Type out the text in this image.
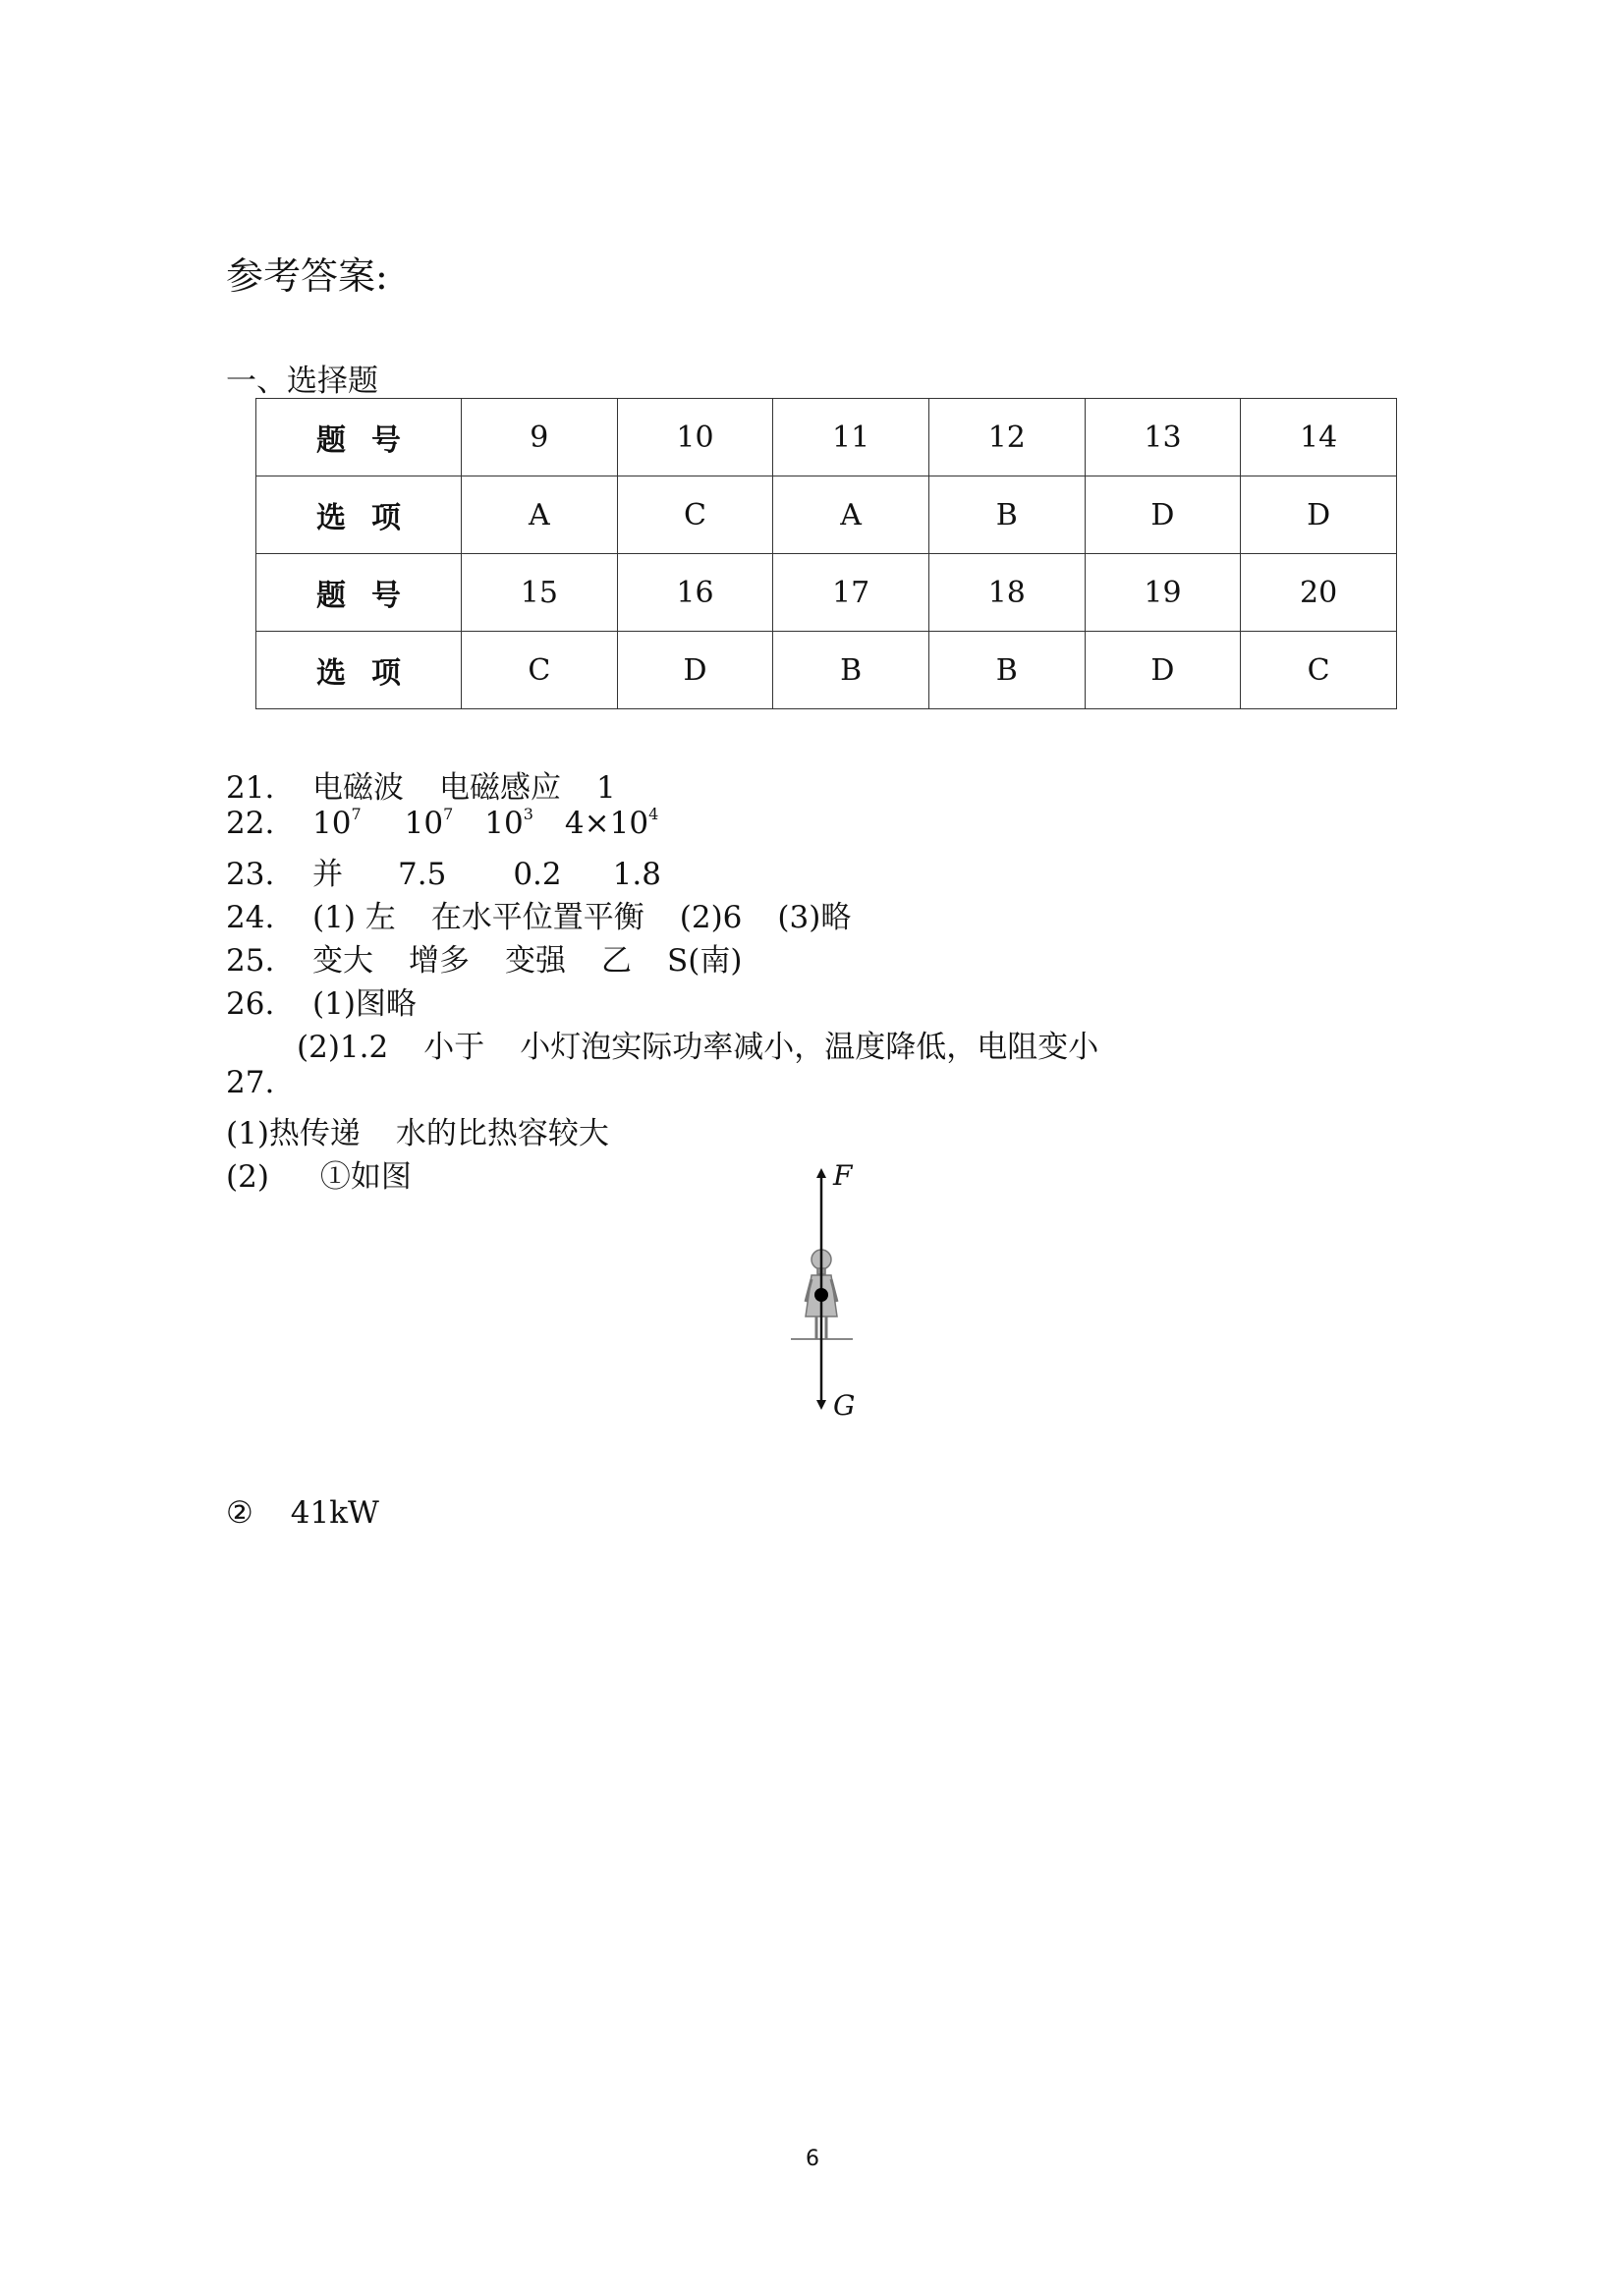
参考答案:
一、选择题
题号	9	10	11	12	13	14
选项	A	C	A	B	D	D
题号	15	16	17	18	19	20
选项	C	D	B	B	D	C
21. 电磁波 电磁感应 1
22. $10^7$ $10^7$ $10^3$ $4\times 10^4$
23. 并 7.5 0.2 1.8
24. (1) 左 在水平位置平衡 (2)6 (3)略
25. 变大 增多 变强 乙 S(南)
26. (1)图略
(2)1.2 小于 小灯泡实际功率减小，温度降低，电阻变小
27.
(1)热传递 水的比热容较大
(2) ①如图	F
G
② 41kW
6
